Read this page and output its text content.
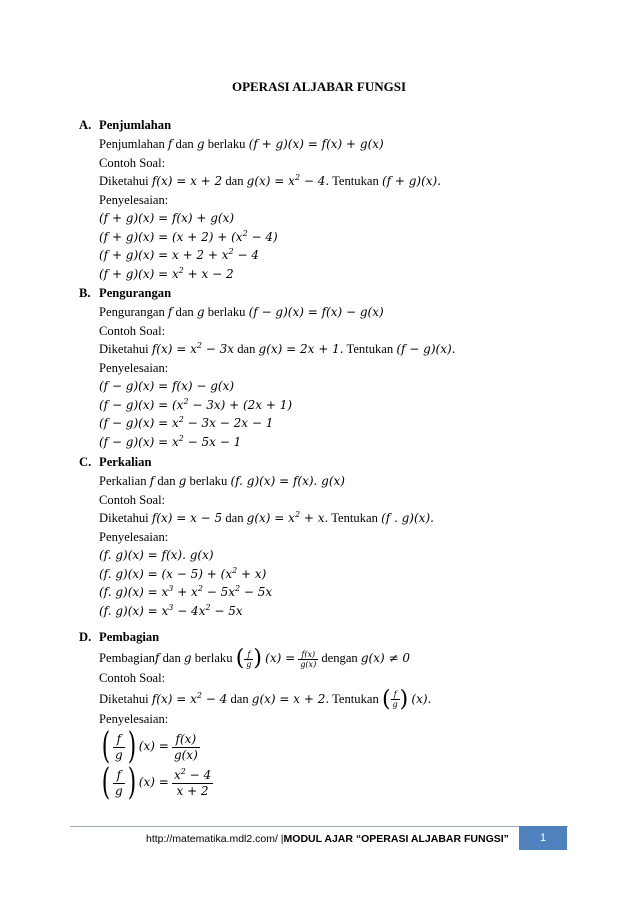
OPERASI ALJABAR FUNGSI
A. Penjumlahan
Penjumlahan f dan g berlaku (f + g)(x) = f(x) + g(x)
Contoh Soal:
Diketahui f(x) = x + 2 dan $g(x) = x^2 - 4$. Tentukan (f + g)(x).
Penyelesaian:
(f + g)(x) = f(x) + g(x)
$(f + g)(x) = (x + 2) + (x^2 - 4)$
$(f + g)(x) = x + 2 + x^2 - 4$
$(f + g)(x) = x^2 + x - 2$
B. Pengurangan
Pengurangan f dan g berlaku (f − g)(x) = f(x) − g(x)
Contoh Soal:
Diketahui $f(x) = x^2 - 3x$ dan g(x) = 2x + 1. Tentukan (f − g)(x).
Penyelesaian:
(f − g)(x) = f(x) − g(x)
$(f - g)(x) = (x^2 - 3x) + (2x + 1)$
$(f - g)(x) = x^2 - 3x - 2x - 1$
$(f - g)(x) = x^2 - 5x - 1$
C. Perkalian
Perkalian f dan g berlaku (f. g)(x) = f(x). g(x)
Contoh Soal:
Diketahui f(x) = x − 5 dan $g(x) = x^2 + x$. Tentukan (f . g)(x).
Penyelesaian:
(f. g)(x) = f(x). g(x)
(f. $g)(x) = (x - 5) + (x^2 + x)$
(f. $g)(x) = x^3 + x^2 - 5x^2 - 5x$
(f. $g)(x) = x^3 - 4x^2 - 5x$
D. Pembagian
Pembagianf dan g berlaku ( $\frac{f}{g}$ ) $(x) = \frac{f(x)}{g(x)}$ dengan g(x) ≠ 0
Contoh Soal:
Diketahui $f(x) = x^2 - 4$ dan g(x) = x + 2. Tentukan ( $\frac{f}{g}$ ) (x).
Penyelesaian:
( $\frac{f}{g}$ ) $(x) = \frac{f(x)}{g(x)}$
( $\frac{f}{g}$ ) $(x) = \frac{x^2 - 4}{x + 2}$
http://matematika.mdl2.com/ |MODUL AJAR “OPERASI ALJABAR FUNGSI”	1
